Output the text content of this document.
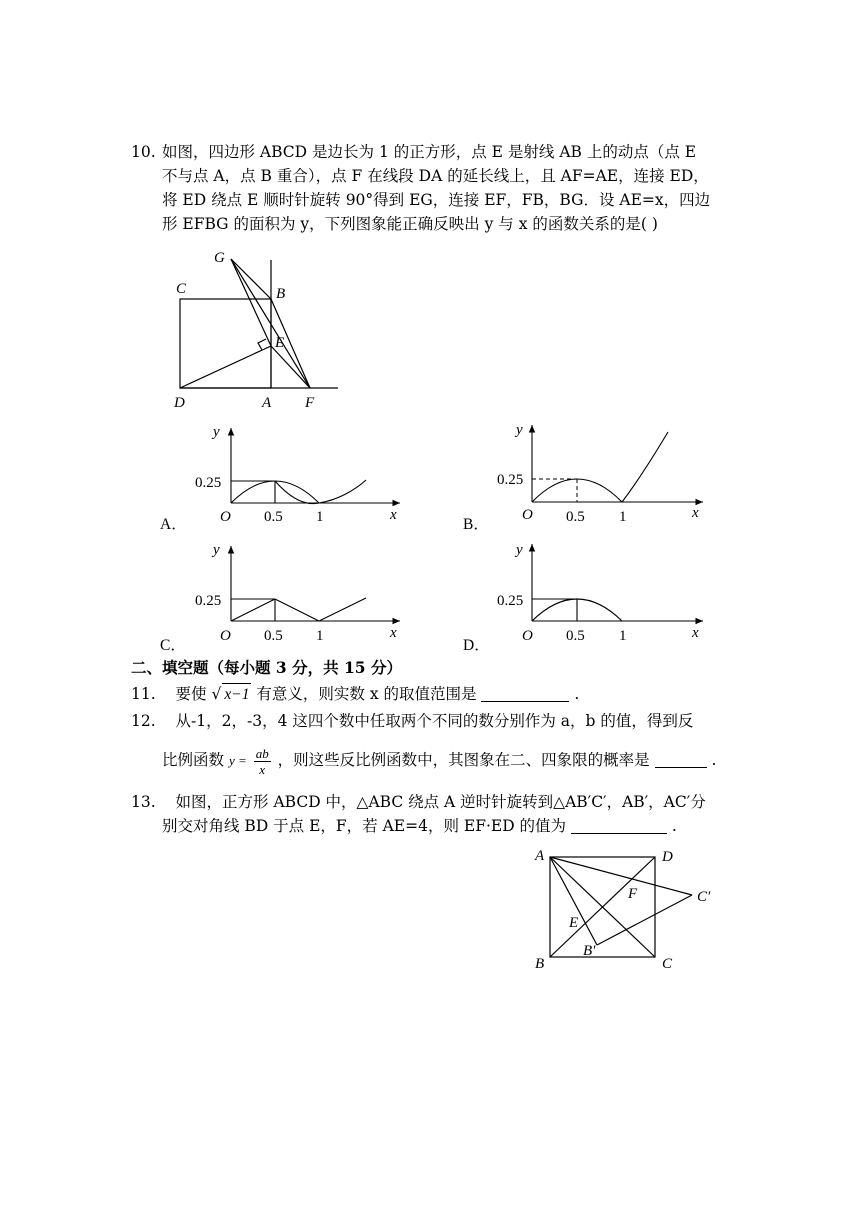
10. 如图，四边形 ABCD 是边长为 1 的正方形，点 E 是射线 AB 上的动点（点 E
不与点 A，点 B 重合），点 F 在线段 DA 的延长线上，且 AF=AE，连接 ED，
将 ED 绕点 E 顺时针旋转 90°得到 EG，连接 EF，FB，BG．设 AE=x，四边
形 EFBG 的面积为 y，下列图象能正确反映出 y 与 x 的函数关系的是( )
G
C	B
E
D	A F
y
x
O
0.25
0.5 1
y
x
O
0.25
0.5 1
y
x
O
0.25
0.5 1
y
x
O
0.25
0.5 1
A．	B．
C．	D．
二、填空题（每小题 3 分，共 15 分）
11. 要使 √ x−1 有意义，则实数 x 的取值范围是	.
12. 从-1，2，-3，4 这四个数中任取两个不同的数分别作为 a，b 的值，得到反
比例函数 $y = \frac{ab}{x}$ ，则这些反比例函数中，其图象在二、四象限的概率是	.
13. 如图，正方形 ABCD 中，△ABC 绕点 A 逆时针旋转到△AB′C′，AB′，AC′分
别交对角线 BD 于点 E，F，若 AE=4，则 EF·ED 的值为	.
A	D
F	C′
E
B′
B	C
